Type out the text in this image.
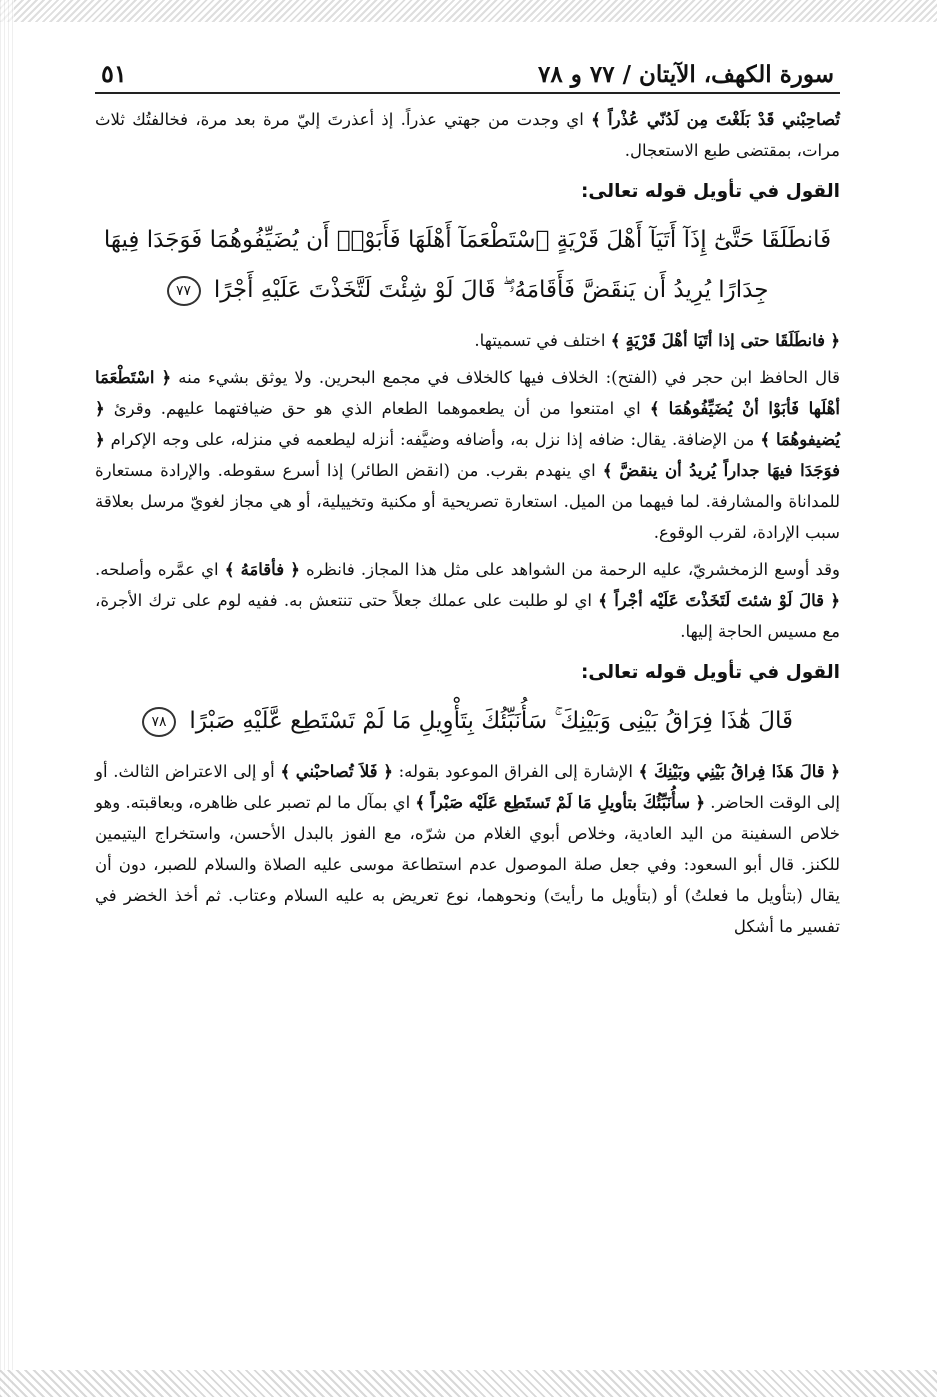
سورة الكهف، الآيتان / ٧٧ و ٧٨
٥١

تُصاحِبْني قَدْ بَلَغْتَ مِن لَدُنّي عُذْراً ﴾ اي وجدت من جهتي عذراً. إذ أعذرتَ إليّ مرة بعد مرة، فخالفتُك ثلاث مرات، بمقتضى طبع الاستعجال.

القول في تأويل قوله تعالى:
فَانطَلَقَا حَتَّىٰٓ إِذَآ أَتَيَآ أَهْلَ قَرْيَةٍ ٱسْتَطْعَمَآ أَهْلَهَا فَأَبَوْا۟ أَن يُضَيِّفُوهُمَا فَوَجَدَا فِيهَا
جِدَارًا يُرِيدُ أَن يَنقَضَّ فَأَقَامَهُۥ ۖ قَالَ لَوْ شِئْتَ لَتَّخَذْتَ عَلَيْهِ أَجْرًا ٧٧

﴿ فانطَلَقَا حتى إذا أتَيَا أهْلَ قَرْيَةٍ ﴾ اختلف في تسميتها.

قال الحافظ ابن حجر في (الفتح): الخلاف فيها كالخلاف في مجمع البحرين. ولا يوثق بشيء منه ﴿ اسْتَطْعَمَا أهْلَها فَأبَوْا أنْ يُضَيِّفُوهُمَا ﴾ اي امتنعوا من أن يطعموهما الطعام الذي هو حق ضيافتهما عليهم. وقرئ ﴿ يُضيفوهُمَا ﴾ من الإضافة. يقال: ضافه إذا نزل به، وأضافه وضيَّفه: أنزله ليطعمه في منزله، على وجه الإكرام ﴿ فوَجَدَا فيهَا جداراً يُريدُ أن ينقضَّ ﴾ اي ينهدم بقرب. من (انقض الطائر) إذا أسرع سقوطه. والإرادة مستعارة للمداناة والمشارفة. لما فيهما من الميل. استعارة تصريحية أو مكنية وتخييلية، أو هي مجاز لغويّ مرسل بعلاقة سبب الإرادة، لقرب الوقوع.

وقد أوسع الزمخشريّ، عليه الرحمة من الشواهد على مثل هذا المجاز. فانظره ﴿ فأقامَهُ ﴾ اي عمَّره وأصلحه. ﴿ قالَ لَوْ شئتَ لَتَخَذْتَ عَلَيْه أجْراً ﴾ اي لو طلبت على عملك جعلاً حتى تنتعش به. ففيه لوم على ترك الأجرة، مع مسيس الحاجة إليها.

القول في تأويل قوله تعالى:
قَالَ هَٰذَا فِرَاقُ بَيْنِى وَبَيْنِكَ ۚ سَأُنَبِّئُكَ بِتَأْوِيلِ مَا لَمْ تَسْتَطِع عَّلَيْهِ صَبْرًا ٧٨

﴿ قالَ هَذَا فِراقُ بَيْنِي وبَيْنِكَ ﴾ الإشارة إلى الفراق الموعود بقوله: ﴿ فَلاَ تُصاحبْني ﴾ أو إلى الاعتراض الثالث. أو إلى الوقت الحاضر. ﴿ سأُنَبِّئُكَ بتأويلِ مَا لَمْ تَستَطِع عَلَيْه صَبْراً ﴾ اي بمآل ما لم تصبر على ظاهره، وبعاقبته. وهو خلاص السفينة من اليد العادية، وخلاص أبوي الغلام من شرّه، مع الفوز بالبدل الأحسن، واستخراج اليتيمين للكنز. قال أبو السعود: وفي جعل صلة الموصول عدم استطاعة موسى عليه الصلاة والسلام للصبر، دون أن يقال (بتأويل ما فعلتُ) أو (بتأويل ما رأيتَ) ونحوهما، نوع تعريض به عليه السلام وعتاب. ثم أخذ الخضر في تفسير ما أشكل
